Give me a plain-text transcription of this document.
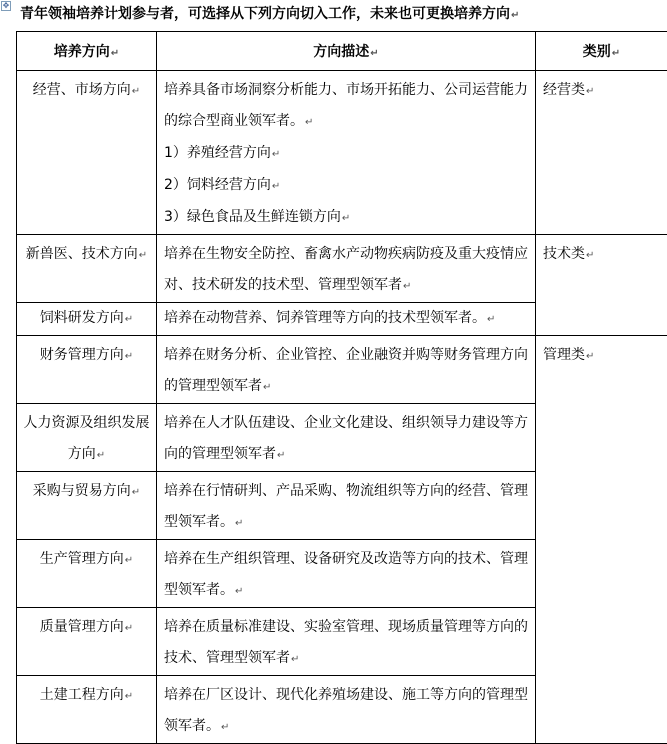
✥
青年领袖培养计划参与者，可选择从下列方向切入工作，未来也可更换培养方向↵
培养方向↵	方向描述↵	类别↵

经营、市场方向↵	培养具备市场洞察分析能力、市场开拓能力、公司运营能力的综合型商业领军者。↵
1）养殖经营方向↵
2）饲料经营方向↵
3）绿色食品及生鲜连锁方向↵	经营类↵

新兽医、技术方向↵	培养在生物安全防控、畜禽水产动物疾病防疫及重大疫情应对、技术研发的技术型、管理型领军者↵	技术类↵

饲料研发方向↵	培养在动物营养、饲养管理等方向的技术型领军者。↵	

财务管理方向↵	培养在财务分析、企业管控、企业融资并购等财务管理方向的管理型领军者↵	管理类↵

人力资源及组织发展方向↵	培养在人才队伍建设、企业文化建设、组织领导力建设等方向的管理型领军者↵	

采购与贸易方向↵	培养在行情研判、产品采购、物流组织等方向的经营、管理型领军者。↵	

生产管理方向↵	培养在生产组织管理、设备研究及改造等方向的技术、管理型领军者。↵	

质量管理方向↵	培养在质量标准建设、实验室管理、现场质量管理等方向的技术、管理型领军者↵	

土建工程方向↵	培养在厂区设计、现代化养殖场建设、施工等方向的管理型领军者。↵	
